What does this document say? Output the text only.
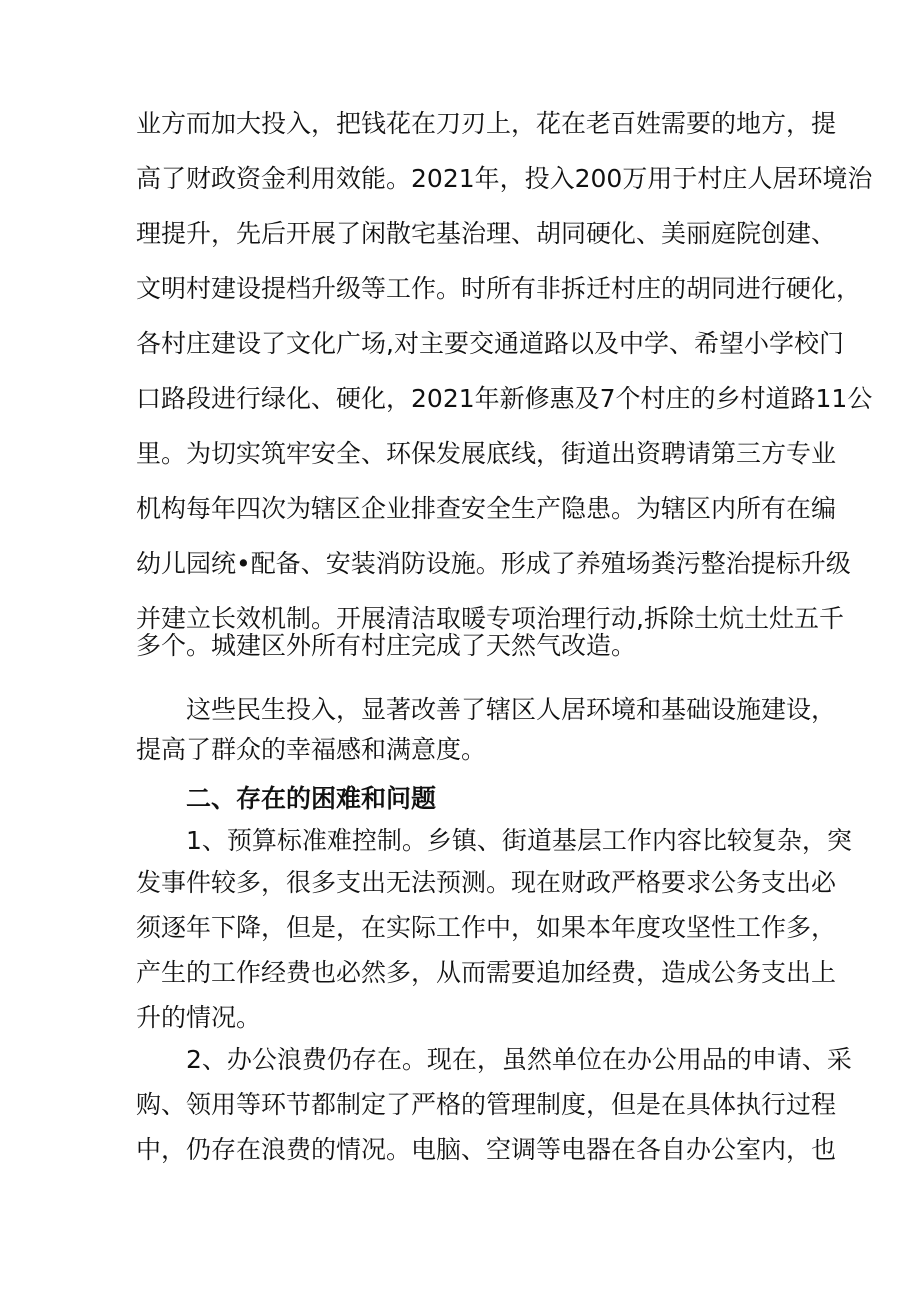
业方而加大投入，把钱花在刀刃上，花在老百姓需要的地方，提
高了财政资金利用效能。2021年，投入200万用于村庄人居环境治
理提升，先后开展了闲散宅基治理、胡同硬化、美丽庭院创建、
文明村建设提档升级等工作。时所有非拆迁村庄的胡同进行硬化，
各村庄建设了文化广场,对主要交通道路以及中学、希望小学校门
口路段进行绿化、硬化，2021年新修惠及7个村庄的乡村道路11公
里。为切实筑牢安全、环保发展底线，街道出资聘请第三方专业
机构每年四次为辖区企业排查安全生产隐患。为辖区内所有在编
幼儿园统•配备、安装消防设施。形成了养殖场粪污整治提标升级
并建立长效机制。开展清洁取暖专项治理行动,拆除土炕土灶五千
多个。城建区外所有村庄完成了天然气改造。
这些民生投入，显著改善了辖区人居环境和基础设施建设，
提高了群众的幸福感和满意度。
二、存在的困难和问题
1、预算标准难控制。乡镇、街道基层工作内容比较复杂，突
发事件较多，很多支出无法预测。现在财政严格要求公务支出必
须逐年下降，但是，在实际工作中，如果本年度攻坚性工作多，
产生的工作经费也必然多，从而需要追加经费，造成公务支出上
升的情况。
2、办公浪费仍存在。现在，虽然单位在办公用品的申请、采
购、领用等环节都制定了严格的管理制度，但是在具体执行过程
中，仍存在浪费的情况。电脑、空调等电器在各自办公室内，也
